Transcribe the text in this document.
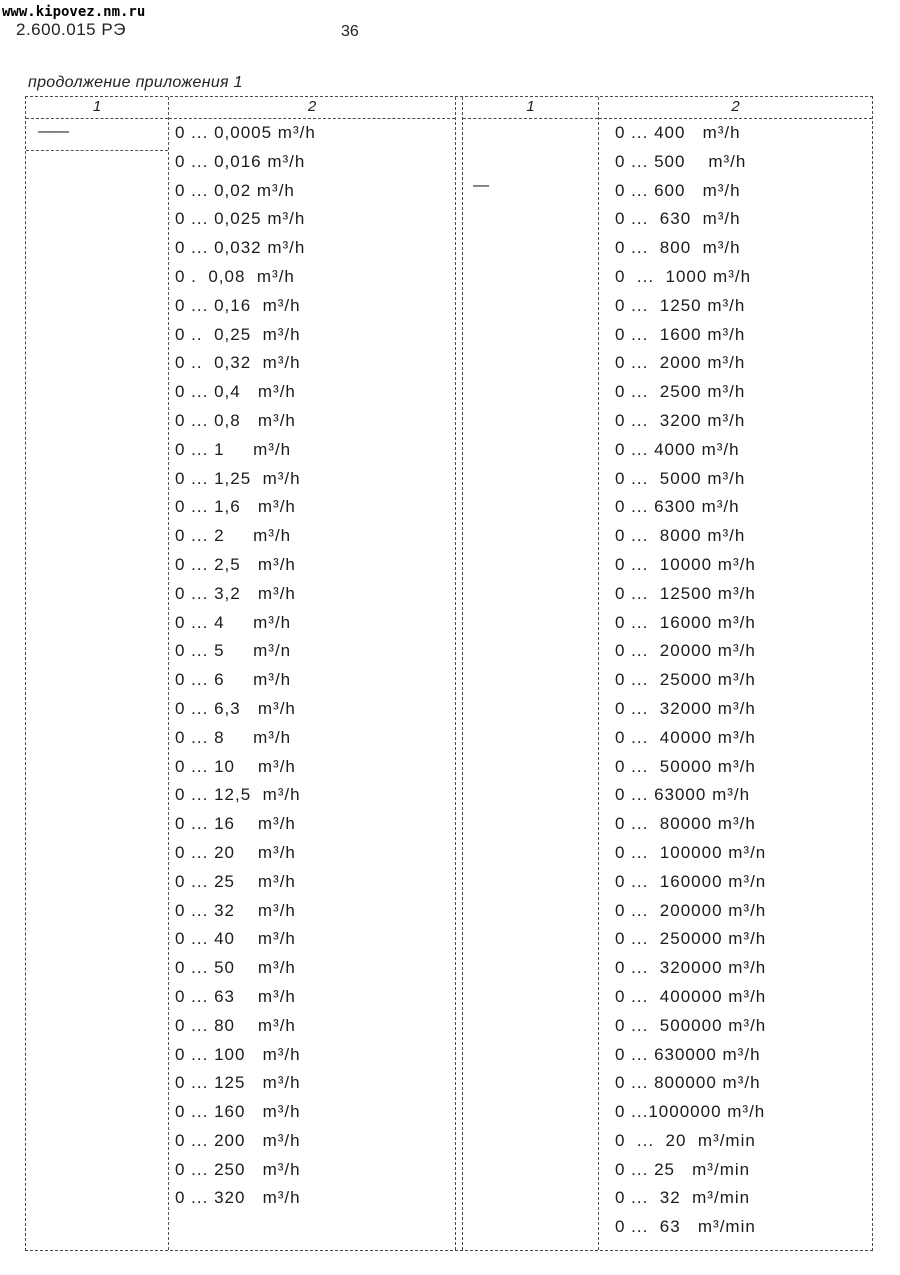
www.kipovez.nm.ru
2.600.015 РЭ	36
продолжение приложения 1
1
——
2
0 ... 0,0005 m³/h
0 ... 0,016 m³/h
0 ... 0,02 m³/h
0 ... 0,025 m³/h
0 ... 0,032 m³/h
0 .  0,08  m³/h
0 ... 0,16  m³/h
0 ..  0,25  m³/h
0 ..  0,32  m³/h
0 ... 0,4   m³/h
0 ... 0,8   m³/h
0 ... 1     m³/h
0 ... 1,25  m³/h
0 ... 1,6   m³/h
0 ... 2     m³/h
0 ... 2,5   m³/h
0 ... 3,2   m³/h
0 ... 4     m³/h
0 ... 5     m³/n
0 ... 6     m³/h
0 ... 6,3   m³/h
0 ... 8     m³/h
0 ... 10    m³/h
0 ... 12,5  m³/h
0 ... 16    m³/h
0 ... 20    m³/h
0 ... 25    m³/h
0 ... 32    m³/h
0 ... 40    m³/h
0 ... 50    m³/h
0 ... 63    m³/h
0 ... 80    m³/h
0 ... 100   m³/h
0 ... 125   m³/h
0 ... 160   m³/h
0 ... 200   m³/h
0 ... 250   m³/h
0 ... 320   m³/h
1
—
2
0 ... 400   m³/h
0 ... 500    m³/h
0 ... 600   m³/h
0 ...  630  m³/h
0 ...  800  m³/h
0  ...  1000 m³/h
0 ...  1250 m³/h
0 ...  1600 m³/h
0 ...  2000 m³/h
0 ...  2500 m³/h
0 ...  3200 m³/h
0 ... 4000 m³/h
0 ...  5000 m³/h
0 ... 6300 m³/h
0 ...  8000 m³/h
0 ...  10000 m³/h
0 ...  12500 m³/h
0 ...  16000 m³/h
0 ...  20000 m³/h
0 ...  25000 m³/h
0 ...  32000 m³/h
0 ...  40000 m³/h
0 ...  50000 m³/h
0 ... 63000 m³/h
0 ...  80000 m³/h
0 ...  100000 m³/n
0 ...  160000 m³/n
0 ...  200000 m³/h
0 ...  250000 m³/h
0 ...  320000 m³/h
0 ...  400000 m³/h
0 ...  500000 m³/h
0 ... 630000 m³/h
0 ... 800000 m³/h
0 ...1000000 m³/h
0  ...  20  m³/min
0 ... 25   m³/min
0 ...  32  m³/min
0 ...  63   m³/min
